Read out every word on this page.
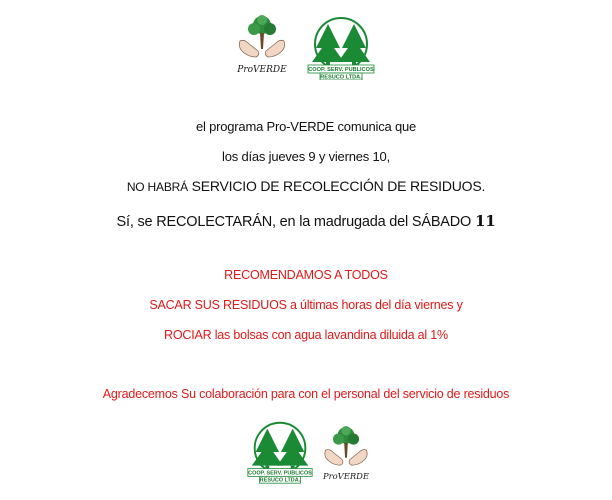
ProVERDE	COOP. SERV. PUBLICOS
RESUCO LTDA.
el programa Pro-VERDE comunica que
los días jueves 9 y viernes 10,
NO HABRÁ SERVICIO DE RECOLECCIÓN DE RESIDUOS.
Sí, se RECOLECTARÁN, en la madrugada del SÁBADO 11
RECOMENDAMOS A TODOS
SACAR SUS RESIDUOS a últimas horas del día viernes y
ROCIAR las bolsas con agua lavandina diluida al 1%
Agradecemos Su colaboración para con el personal del servicio de residuos
COOP. SERV. PUBLICOS
RESUCO LTDA.	ProVERDE
